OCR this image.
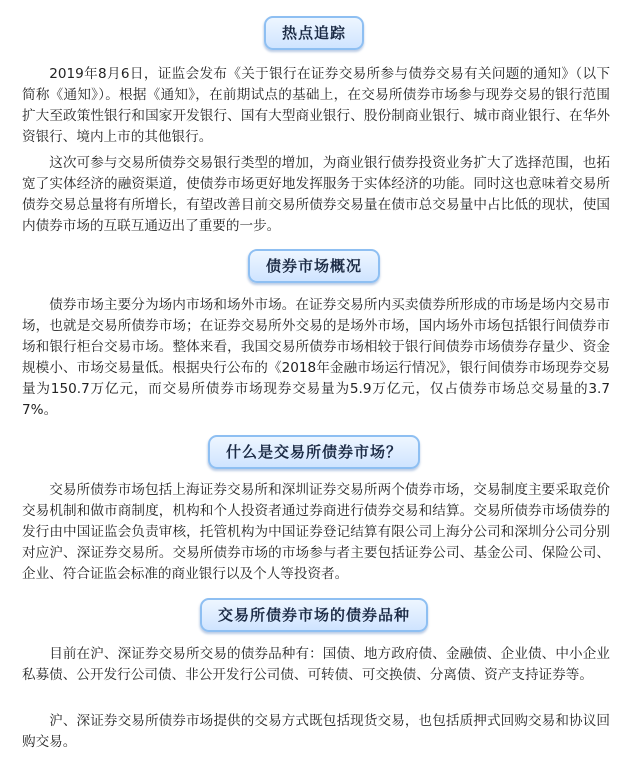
热点追踪

2019年8月6日，证监会发布《关于银行在证券交易所参与债券交易有关问题的通知》（以下简称《通知》）。根据《通知》，在前期试点的基础上，在交易所债券市场参与现券交易的银行范围扩大至政策性银行和国家开发银行、国有大型商业银行、股份制商业银行、城市商业银行、在华外资银行、境内上市的其他银行。

这次可参与交易所债券交易银行类型的增加，为商业银行债券投资业务扩大了选择范围，也拓宽了实体经济的融资渠道，使债券市场更好地发挥服务于实体经济的功能。同时这也意味着交易所债券交易总量将有所增长，有望改善目前交易所债券交易量在债市总交易量中占比低的现状，使国内债券市场的互联互通迈出了重要的一步。

债券市场概况

债券市场主要分为场内市场和场外市场。在证券交易所内买卖债券所形成的市场是场内交易市场，也就是交易所债券市场；在证券交易所外交易的是场外市场，国内场外市场包括银行间债券市场和银行柜台交易市场。整体来看，我国交易所债券市场相较于银行间债券市场债券存量少、资金规模小、市场交易量低。根据央行公布的《2018年金融市场运行情况》，银行间债券市场现券交易量为150.7万亿元，而交易所债券市场现券交易量为5.9万亿元，仅占债券市场总交易量的3.77%。

什么是交易所债券市场？

交易所债券市场包括上海证券交易所和深圳证券交易所两个债券市场，交易制度主要采取竞价交易机制和做市商制度，机构和个人投资者通过券商进行债券交易和结算。交易所债券市场债券的发行由中国证监会负责审核，托管机构为中国证券登记结算有限公司上海分公司和深圳分公司分别对应沪、深证券交易所。交易所债券市场的市场参与者主要包括证券公司、基金公司、保险公司、企业、符合证监会标准的商业银行以及个人等投资者。

交易所债券市场的债券品种

目前在沪、深证券交易所交易的债券品种有：国债、地方政府债、金融债、企业债、中小企业私募债、公开发行公司债、非公开发行公司债、可转债、可交换债、分离债、资产支持证券等。

沪、深证券交易所债券市场提供的交易方式既包括现货交易，也包括质押式回购交易和协议回购交易。
